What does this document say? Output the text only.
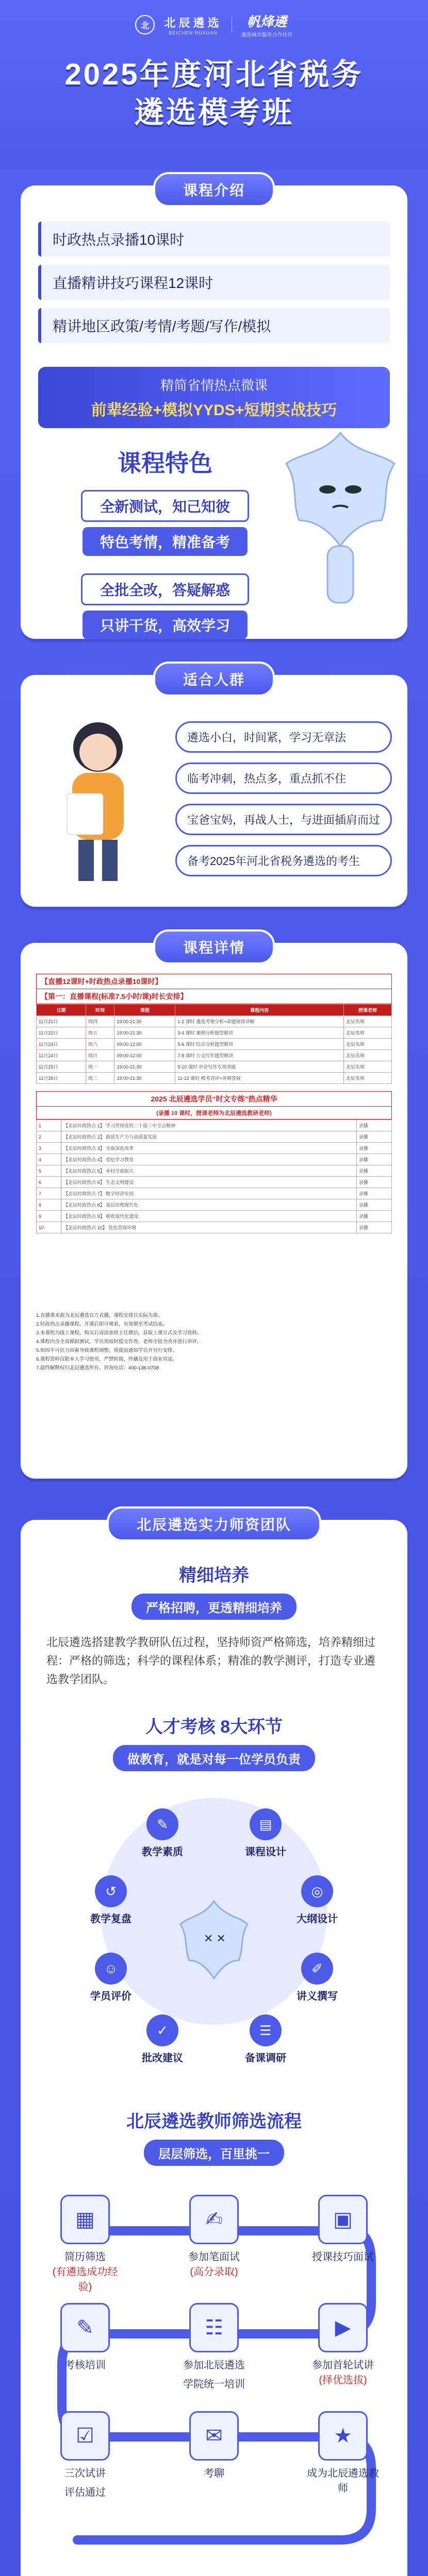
北	北辰遴选
BEICHEN RUXUAN
帆烽遴
遴选城市服务合作伙伴
2025年度河北省税务
遴选模考班
课程介绍
时政热点录播10课时
直播精讲技巧课程12课时
精讲地区政策/考情/考题/写作/模拟
精简省情热点微课
前辈经验+模拟YYDS+短期实战技巧
课程特色
全新测试，知己知彼
特色考情，精准备考
全批全改，答疑解惑
只讲干货，高效学习
适合人群
遴选小白，时间紧，学习无章法
临考冲刺，热点多，重点抓不住
宝爸宝妈，再战人士，与进面插肩而过
备考2025年河北省税务遴选的考生
课程详情
【直播12课时+时政热点录播10课时】
【第一：直播课程(标准7.5小时/课)时长安排】
日期	时间	课程	课程内容	授课老师
11月21日	周四	19:00-21:30	1-2 课时 遴选考情分析+命题规律讲解	北辰名师
11月22日	周五	19:00-21:30	3-4 课时 案例分析题型精讲	北辰名师
11月23日	周六	09:00-12:00	5-6 课时 综合分析题型精讲	北辰名师
11月24日	周日	09:00-12:00	7-8 课时 公文写作题型精讲	北辰名师
11月25日	周一	19:00-21:30	9-10 课时 申论写作专项突破	北辰名师
11月26日	周二	19:00-21:30	11-12 课时 模考讲评+冲刺答疑	北辰名师
2025 北辰遴选学员“时文专练”热点精华
(录播 10 课时，授课老师为北辰遴选教研老师)
1	【北辰时政热点 1】 学习贯彻党的二十届三中全会精神	录播
2	【北辰时政热点 2】 新质生产力与高质量发展	录播
3	【北辰时政热点 3】 全面深化改革	录播
4	【北辰时政热点 4】 党纪学习教育	录播
5	【北辰时政热点 5】 乡村全面振兴	录播
6	【北辰时政热点 6】 生态文明建设	录播
7	【北辰时政热点 7】 数字经济发展	录播
8	【北辰时政热点 8】 基层治理现代化	录播
9	【北辰时政热点 9】 税收现代化建设	录播
10	【北辰时政热点 10】 优化营商环境	录播
1.直播课来源为北辰遴选官方直播，课程安排以实际为准。
2.时政热点录播课程，开课后即可观看，有效期至考试结束。
3.本课程为线上课程，购买后请添加班主任微信，获取上课方式及学习资料。
4.课程内含全真模拟测试，学员需按时提交作答，老师全批全改并进行讲评。
5.如因不可抗力因素导致课程调整，将提前通知学员并另行安排。
6.课程资料仅限本人学习使用，严禁转载、传播及用于商业用途。
7.最终解释权归北辰遴选所有。咨询电话：400-136-0708
北辰遴选实力师资团队
精细培养
严格招聘，更透精细培养
北辰遴选搭建教学教研队伍过程，坚持师资严格筛选，培养精细过程：严格的筛选；科学的课程体系；精准的教学测评，打造专业遴选教学团队。
人才考核 8大环节
做教育，就是对每一位学员负责
✎
教学素质
▤
课程设计
◎
大纲设计
✐
讲义撰写
☰
备课调研
✓
批改建议
☺
学员评价
↺
教学复盘
✕ ✕
北辰遴选教师筛选流程
层层筛选，百里挑一
▦
简历筛选
(有遴选成功经验)
✍
参加笔面试
(高分录取)
▣
授课技巧面试
☷
参加北辰遴选
学院统一培训
▶
参加首轮试讲
(择优选拔)
✎
考核培训
☑
三次试讲
评估通过
✉
考聊
★
成为北辰遴选教师
